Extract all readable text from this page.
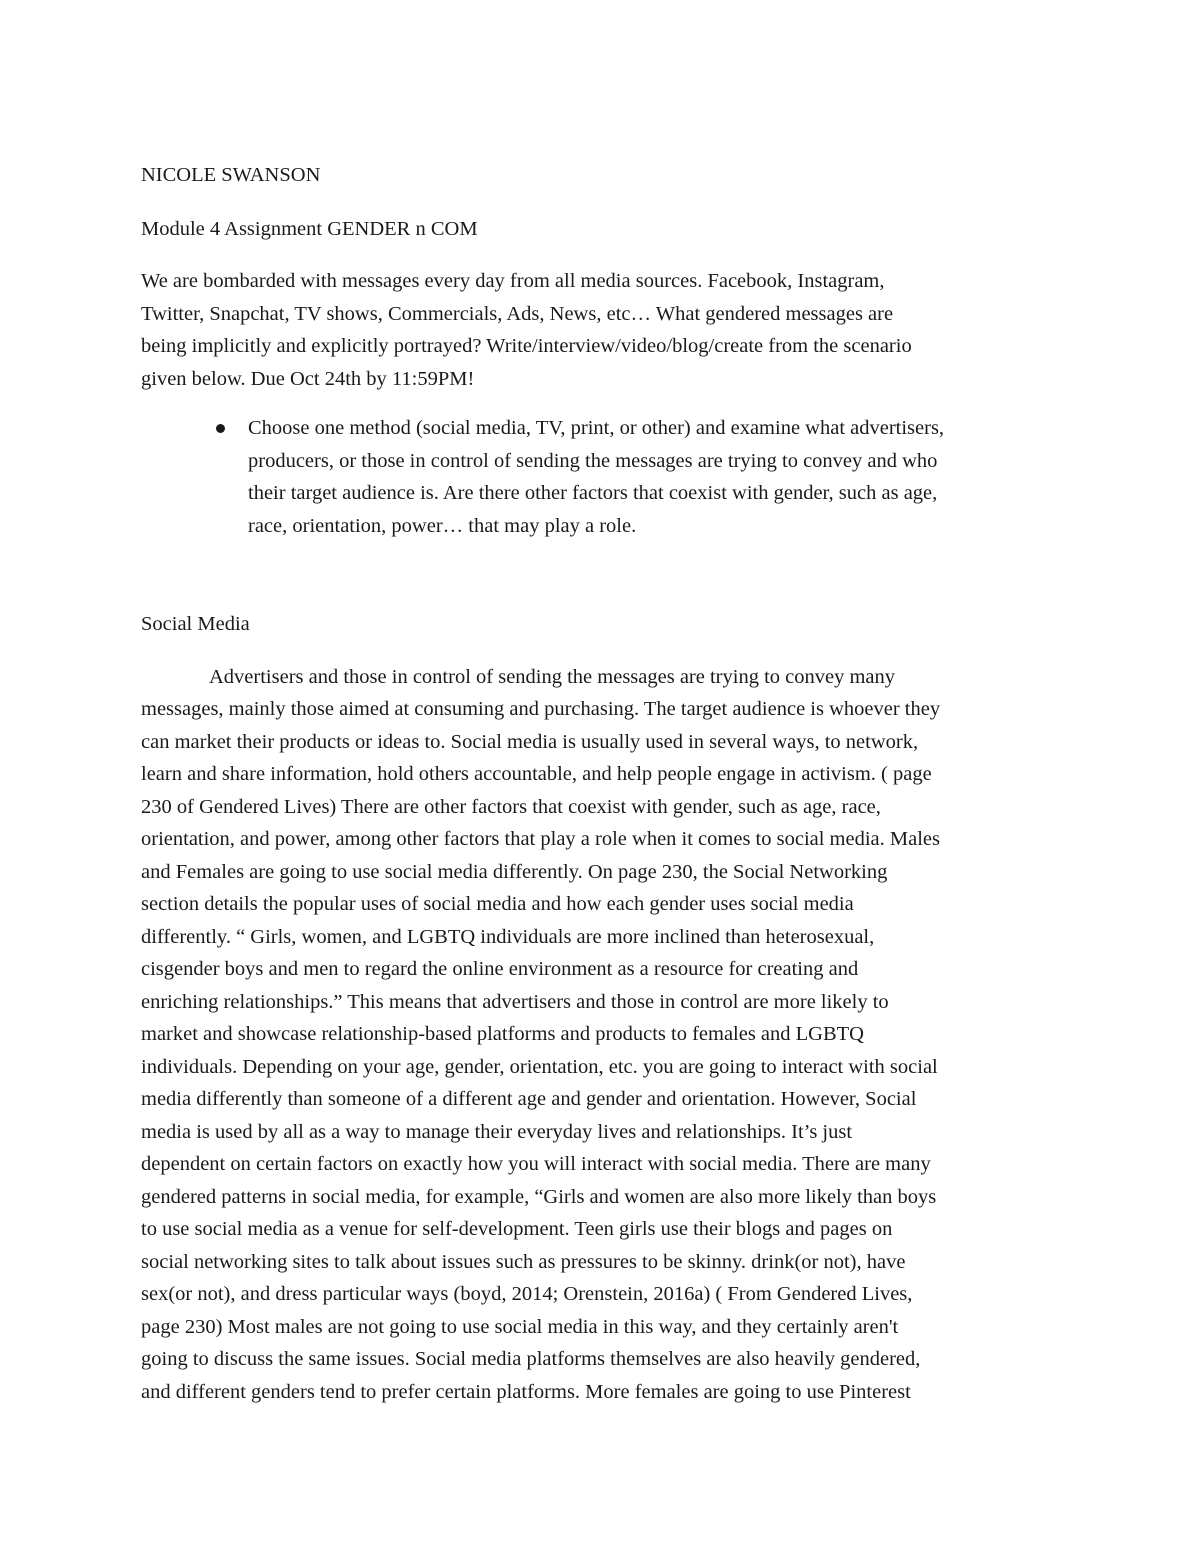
NICOLE SWANSON
Module 4 Assignment GENDER n COM
We are bombarded with messages every day from all media sources. Facebook, Instagram,
Twitter, Snapchat, TV shows, Commercials, Ads, News, etc… What gendered messages are
being implicitly and explicitly portrayed? Write/interview/video/blog/create from the scenario
given below. Due Oct 24th by 11:59PM!
Choose one method (social media, TV, print, or other) and examine what advertisers,
producers, or those in control of sending the messages are trying to convey and who
their target audience is. Are there other factors that coexist with gender, such as age,
race, orientation, power… that may play a role.
Social Media
Advertisers and those in control of sending the messages are trying to convey many
messages, mainly those aimed at consuming and purchasing. The target audience is whoever they
can market their products or ideas to. Social media is usually used in several ways, to network,
learn and share information, hold others accountable, and help people engage in activism. ( page
230 of Gendered Lives) There are other factors that coexist with gender, such as age, race,
orientation, and power, among other factors that play a role when it comes to social media. Males
and Females are going to use social media differently. On page 230, the Social Networking
section details the popular uses of social media and how each gender uses social media
differently. “ Girls, women, and LGBTQ individuals are more inclined than heterosexual,
cisgender boys and men to regard the online environment as a resource for creating and
enriching relationships.” This means that advertisers and those in control are more likely to
market and showcase relationship-based platforms and products to females and LGBTQ
individuals. Depending on your age, gender, orientation, etc. you are going to interact with social
media differently than someone of a different age and gender and orientation. However, Social
media is used by all as a way to manage their everyday lives and relationships. It’s just
dependent on certain factors on exactly how you will interact with social media. There are many
gendered patterns in social media, for example, “Girls and women are also more likely than boys
to use social media as a venue for self-development. Teen girls use their blogs and pages on
social networking sites to talk about issues such as pressures to be skinny. drink(or not), have
sex(or not), and dress particular ways (boyd, 2014; Orenstein, 2016a) ( From Gendered Lives,
page 230) Most males are not going to use social media in this way, and they certainly aren't
going to discuss the same issues. Social media platforms themselves are also heavily gendered,
and different genders tend to prefer certain platforms. More females are going to use Pinterest
